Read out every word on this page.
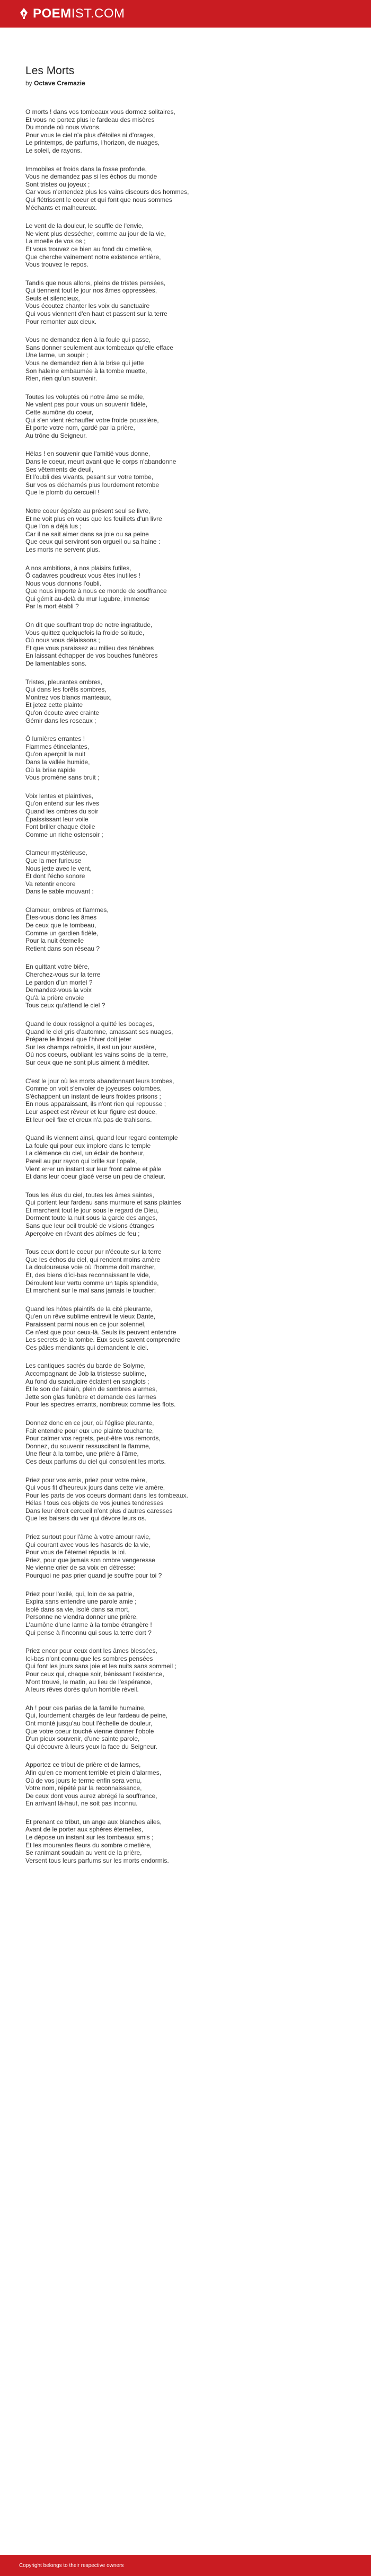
POEMIST.COM
Les Morts
by Octave Cremazie
O morts ! dans vos tombeaux vous dormez solitaires,
Et vous ne portez plus le fardeau des misères
Du monde où nous vivons.
Pour vous le ciel n'a plus d'étoiles ni d'orages,
Le printemps, de parfums, l'horizon, de nuages,
Le soleil, de rayons.
Immobiles et froids dans la fosse profonde,
Vous ne demandez pas si les échos du monde
Sont tristes ou joyeux ;
Car vous n'entendez plus les vains discours des hommes,
Qui flétrissent le coeur et qui font que nous sommes
Méchants et malheureux.
Le vent de la douleur, le souffle de l'envie,
Ne vient plus dessécher, comme au jour de la vie,
La moelle de vos os ;
Et vous trouvez ce bien au fond du cimetière,
Que cherche vainement notre existence entière,
Vous trouvez le repos.
Tandis que nous allons, pleins de tristes pensées,
Qui tiennent tout le jour nos âmes oppressées,
Seuls et silencieux,
Vous écoutez chanter les voix du sanctuaire
Qui vous viennent d'en haut et passent sur la terre
Pour remonter aux cieux.
Vous ne demandez rien à la foule qui passe,
Sans donner seulement aux tombeaux qu'elle efface
Une larme, un soupir ;
Vous ne demandez rien à la brise qui jette
Son haleine embaumée à la tombe muette,
Rien, rien qu'un souvenir.
Toutes les voluptés où notre âme se mêle,
Ne valent pas pour vous un souvenir fidèle,
Cette aumône du coeur,
Qui s'en vient réchauffer votre froide poussière,
Et porte votre nom, gardé par la prière,
Au trône du Seigneur.
Hélas ! en souvenir que l'amitié vous donne,
Dans le coeur, meurt avant que le corps n'abandonne
Ses vêtements de deuil,
Et l'oubli des vivants, pesant sur votre tombe,
Sur vos os décharnés plus lourdement retombe
Que le plomb du cercueil !
Notre coeur égoïste au présent seul se livre,
Et ne voit plus en vous que les feuillets d'un livre
Que l'on a déjà lus ;
Car il ne sait aimer dans sa joie ou sa peine
Que ceux qui serviront son orgueil ou sa haine :
Les morts ne servent plus.
A nos ambitions, à nos plaisirs futiles,
Ô cadavres poudreux vous êtes inutiles !
Nous vous donnons l'oubli.
Que nous importe à nous ce monde de souffrance
Qui gémit au-delà du mur lugubre, immense
Par la mort établi ?
On dit que souffrant trop de notre ingratitude,
Vous quittez quelquefois la froide solitude,
Où nous vous délaissons ;
Et que vous paraissez au milieu des ténèbres
En laissant échapper de vos bouches funèbres
De lamentables sons.
Tristes, pleurantes ombres,
Qui dans les forêts sombres,
Montrez vos blancs manteaux,
Et jetez cette plainte
Qu'on écoute avec crainte
Gémir dans les roseaux ;
Ô lumières errantes !
Flammes étincelantes,
Qu'on aperçoit la nuit
Dans la vallée humide,
Où la brise rapide
Vous promène sans bruit ;
Voix lentes et plaintives,
Qu'on entend sur les rives
Quand les ombres du soir
Épaississant leur voile
Font briller chaque étoile
Comme un riche ostensoir ;
Clameur mystérieuse,
Que la mer furieuse
Nous jette avec le vent,
Et dont l'écho sonore
Va retentir encore
Dans le sable mouvant :
Clameur, ombres et flammes,
Êtes-vous donc les âmes
De ceux que le tombeau,
Comme un gardien fidèle,
Pour la nuit éternelle
Retient dans son réseau ?
En quittant votre bière,
Cherchez-vous sur la terre
Le pardon d'un mortel ?
Demandez-vous la voix
Qu'à la prière envoie
Tous ceux qu'attend le ciel ?
Quand le doux rossignol a quitté les bocages,
Quand le ciel gris d'automne, amassant ses nuages,
Prépare le linceul que l'hiver doit jeter
Sur les champs refroidis, il est un jour austère,
Où nos coeurs, oubliant les vains soins de la terre,
Sur ceux que ne sont plus aiment à méditer.
C'est le jour où les morts abandonnant leurs tombes,
Comme on voit s'envoler de joyeuses colombes,
S'échappent un instant de leurs froides prisons ;
En nous apparaissant, ils n'ont rien qui repousse ;
Leur aspect est rêveur et leur figure est douce,
Et leur oeil fixe et creux n'a pas de trahisons.
Quand ils viennent ainsi, quand leur regard contemple
La foule qui pour eux implore dans le temple
La clémence du ciel, un éclair de bonheur,
Pareil au pur rayon qui brille sur l'opale,
Vient errer un instant sur leur front calme et pâle
Et dans leur coeur glacé verse un peu de chaleur.
Tous les élus du ciel, toutes les âmes saintes,
Qui portent leur fardeau sans murmure et sans plaintes
Et marchent tout le jour sous le regard de Dieu,
Dorment toute la nuit sous la garde des anges,
Sans que leur oeil troublé de visions étranges
Aperçoive en rêvant des abîmes de feu ;
Tous ceux dont le coeur pur n'écoute sur la terre
Que les échos du ciel, qui rendent moins amère
La douloureuse voie où l'homme doit marcher,
Et, des biens d'ici-bas reconnaissant le vide,
Déroulent leur vertu comme un tapis splendide,
Et marchent sur le mal sans jamais le toucher;
Quand les hôtes plaintifs de la cité pleurante,
Qu'en un rêve sublime entrevit le vieux Dante,
Paraissent parmi nous en ce jour solennel,
Ce n'est que pour ceux-là. Seuls ils peuvent entendre
Les secrets de la tombe. Eux seuls savent comprendre
Ces pâles mendiants qui demandent le ciel.
Les cantiques sacrés du barde de Solyme,
Accompagnant de Job la tristesse sublime,
Au fond du sanctuaire éclatent en sanglots ;
Et le son de l'airain, plein de sombres alarmes,
Jette son glas funèbre et demande des larmes
Pour les spectres errants, nombreux comme les flots.
Donnez donc en ce jour, où l'église pleurante,
Fait entendre pour eux une plainte touchante,
Pour calmer vos regrets, peut-être vos remords,
Donnez, du souvenir ressuscitant la flamme,
Une fleur à la tombe, une prière à l'âme,
Ces deux parfums du ciel qui consolent les morts.
Priez pour vos amis, priez pour votre mère,
Qui vous fit d'heureux jours dans cette vie amère,
Pour les parts de vos coeurs dormant dans les tombeaux.
Hélas ! tous ces objets de vos jeunes tendresses
Dans leur étroit cercueil n'ont plus d'autres caresses
Que les baisers du ver qui dévore leurs os.
Priez surtout pour l'âme à votre amour ravie,
Qui courant avec vous les hasards de la vie,
Pour vous de l'éternel répudia la loi.
Priez, pour que jamais son ombre vengeresse
Ne vienne crier de sa voix en détresse:
Pourquoi ne pas prier quand je souffre pour toi ?
Priez pour l'exilé, qui, loin de sa patrie,
Expira sans entendre une parole amie ;
Isolé dans sa vie, isolé dans sa mort,
Personne ne viendra donner une prière,
L'aumône d'une larme à la tombe étrangère !
Qui pense à l'inconnu qui sous la terre dort ?
Priez encor pour ceux dont les âmes blessées,
Ici-bas n'ont connu que les sombres pensées
Qui font les jours sans joie et les nuits sans sommeil ;
Pour ceux qui, chaque soir, bénissant l'existence,
N'ont trouvé, le matin, au lieu de l'espérance,
A leurs rêves dorés qu'un horrible réveil.
Ah ! pour ces parias de la famille humaine,
Qui, lourdement chargés de leur fardeau de peine,
Ont monté jusqu'au bout l'échelle de douleur,
Que votre coeur touché vienne donner l'obole
D'un pieux souvenir, d'une sainte parole,
Qui découvre à leurs yeux la face du Seigneur.
Apportez ce tribut de prière et de larmes,
Afin qu'en ce moment terrible et plein d'alarmes,
Où de vos jours le terme enfin sera venu,
Votre nom, répété par la reconnaissance,
De ceux dont vous aurez abrégé la souffrance,
En arrivant là-haut, ne soit pas inconnu.
Et prenant ce tribut, un ange aux blanches ailes,
Avant de le porter aux sphères éternelles,
Le dépose un instant sur les tombeaux amis ;
Et les mourantes fleurs du sombre cimetière,
Se ranimant soudain au vent de la prière,
Versent tous leurs parfums sur les morts endormis.
Copyright belongs to their respective owners
